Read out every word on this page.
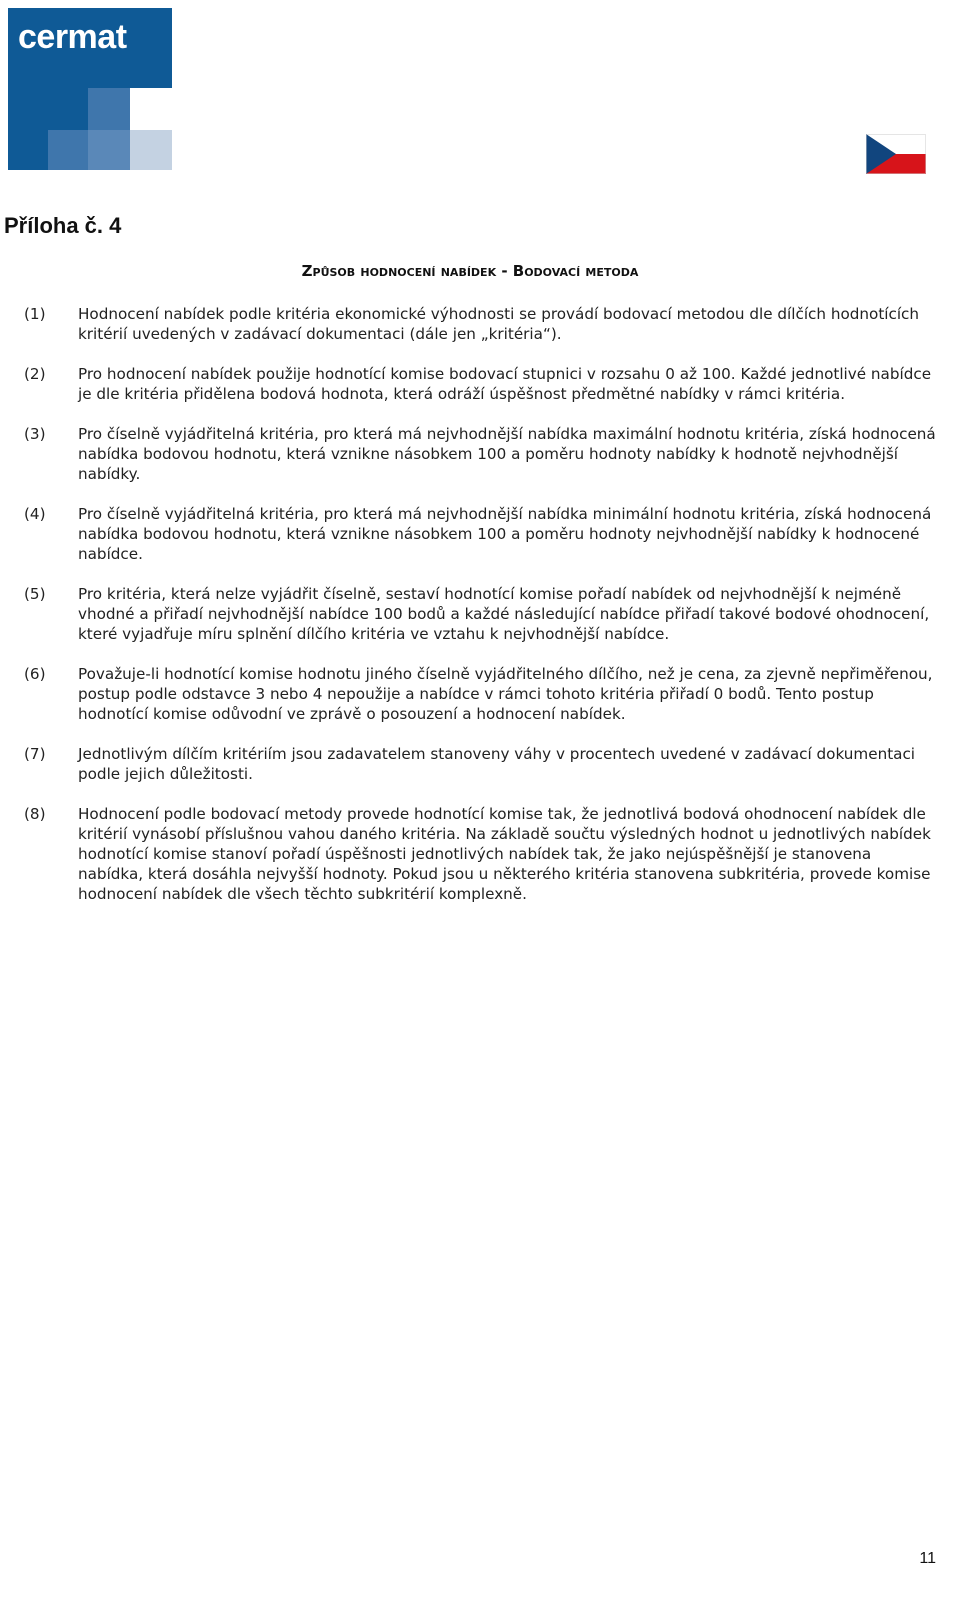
cermat
Příloha č. 4
Způsob hodnocení nabídek - Bodovací metoda
(1)	Hodnocení nabídek podle kritéria ekonomické výhodnosti se provádí bodovací metodou dle dílčích hodnotících kritérií uvedených v zadávací dokumentaci (dále jen „kritéria“).
(2)	Pro hodnocení nabídek použije hodnotící komise bodovací stupnici v rozsahu 0 až 100. Každé jednotlivé nabídce je dle kritéria přidělena bodová hodnota, která odráží úspěšnost předmětné nabídky v rámci kritéria.
(3)	Pro číselně vyjádřitelná kritéria, pro která má nejvhodnější nabídka maximální hodnotu kritéria, získá hodnocená nabídka bodovou hodnotu, která vznikne násobkem 100 a poměru hodnoty nabídky k hodnotě nejvhodnější nabídky.
(4)	Pro číselně vyjádřitelná kritéria, pro která má nejvhodnější nabídka minimální hodnotu kritéria, získá hodnocená nabídka bodovou hodnotu, která vznikne násobkem 100 a poměru hodnoty nejvhodnější nabídky k hodnocené nabídce.
(5)	Pro kritéria, která nelze vyjádřit číselně, sestaví hodnotící komise pořadí nabídek od nejvhodnější k nejméně vhodné a přiřadí nejvhodnější nabídce 100 bodů a každé následující nabídce přiřadí takové bodové ohodnocení, které vyjadřuje míru splnění dílčího kritéria ve vztahu k nejvhodnější nabídce.
(6)	Považuje-li hodnotící komise hodnotu jiného číselně vyjádřitelného dílčího, než je cena, za zjevně nepřiměřenou, postup podle odstavce 3 nebo 4 nepoužije a nabídce v rámci tohoto kritéria přiřadí 0 bodů. Tento postup hodnotící komise odůvodní ve zprávě o posouzení a hodnocení nabídek.
(7)	Jednotlivým dílčím kritériím jsou zadavatelem stanoveny váhy v procentech uvedené v zadávací dokumentaci podle jejich důležitosti.
(8)	Hodnocení podle bodovací metody provede hodnotící komise tak, že jednotlivá bodová ohodnocení nabídek dle kritérií vynásobí příslušnou vahou daného kritéria. Na základě součtu výsledných hodnot u jednotlivých nabídek hodnotící komise stanoví pořadí úspěšnosti jednotlivých nabídek tak, že jako nejúspěšnější je stanovena nabídka, která dosáhla nejvyšší hodnoty. Pokud jsou u některého kritéria stanovena subkritéria, provede komise hodnocení nabídek dle všech těchto subkritérií komplexně.
11
